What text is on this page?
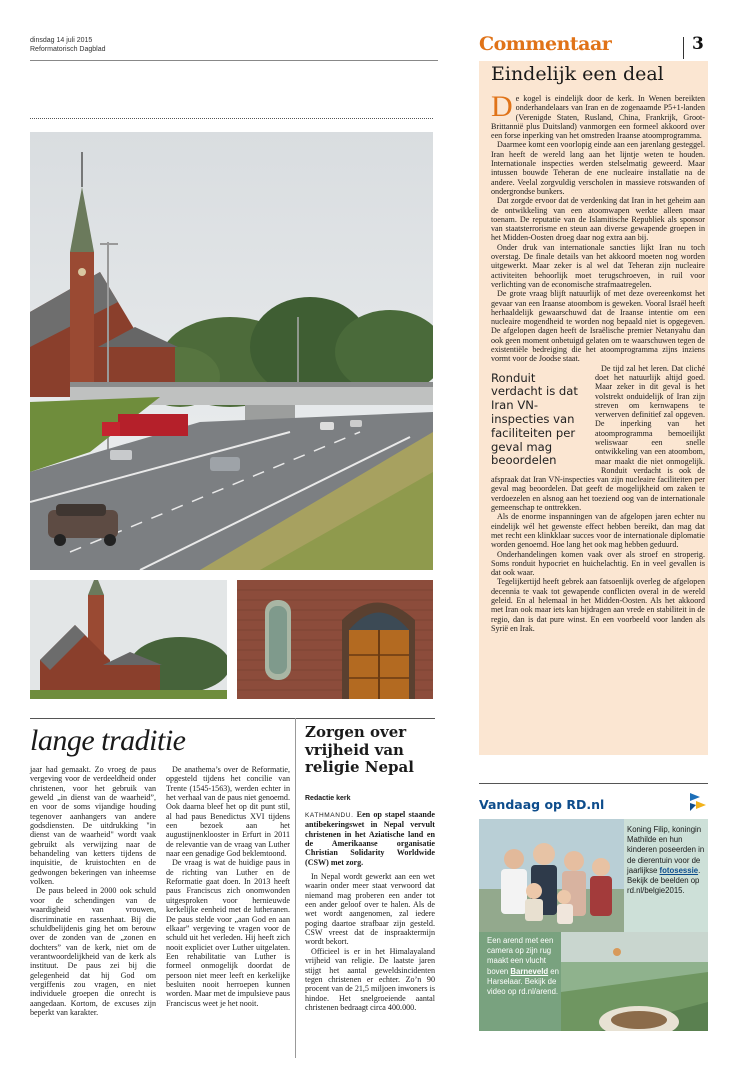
dinsdag 14 juli 2015
Reformatorisch Dagblad	Commentaar	3
Eindelijk een deal

De kogel is eindelijk door de kerk. In Wenen bereikten onderhandelaars van Iran en de zogenaamde P5+1-landen (Verenigde Staten, Rusland, China, Frankrijk, Groot-Brittannië plus Duitsland) vanmorgen een formeel akkoord over een forse inperking van het omstreden Iraanse atoomprogramma.

Daarmee komt een voorlopig einde aan een jarenlang gesteggel. Iran heeft de wereld lang aan het lijntje weten te houden. Internationale inspecties werden stelselmatig geweerd. Maar intussen bouwde Teheran de ene nucleaire installatie na de andere. Veelal zorgvuldig verscholen in massieve rotswanden of ondergrondse bunkers.

Dat zorgde ervoor dat de verdenking dat Iran in het geheim aan de ontwikkeling van een atoomwapen werkte alleen maar toenam. De reputatie van de Islamitische Republiek als sponsor van staatsterrorisme en steun aan diverse gewapende groepen in het Midden-Oosten droeg daar nog extra aan bij.

Onder druk van internationale sancties lijkt Iran nu toch overstag. De finale details van het akkoord moeten nog worden uitgewerkt. Maar zeker is al wel dat Teheran zijn nucleaire activiteiten behoorlijk moet terugschroeven, in ruil voor verlichting van de economische strafmaatregelen.

De grote vraag blijft natuurlijk of met deze overeenkomst het gevaar van een Iraanse atoombom is geweken. Vooral Israël heeft herhaaldelijk gewaarschuwd dat de Iraanse intentie om een nucleaire mogendheid te worden nog bepaald niet is opgegeven. De afgelopen dagen heeft de Israëlische premier Netanyahu dan ook geen moment onbetuigd gelaten om te waarschuwen tegen de existentiële bedreiging die het atoomprogramma zijns inziens vormt voor de Joodse staat.

Ronduit verdacht is dat Iran VN-inspecties van faciliteiten per geval mag beoordelen
De tijd zal het leren. Dat cliché doet het natuurlijk altijd goed. Maar zeker in dit geval is het volstrekt onduidelijk of Iran zijn streven om kernwapens te verwerven definitief zal opgeven. De inperking van het atoomprogramma bemoeilijkt weliswaar een snelle ontwikkeling van een atoombom, maar maakt die niet onmogelijk. Ronduit verdacht is ook de afspraak dat Iran VN-inspecties van zijn nucleaire faciliteiten per geval mag beoordelen. Dat geeft de mogelijkheid om zaken te verdoezelen en alsnog aan het toeziend oog van de internationale gemeenschap te onttrekken.

Als de enorme inspanningen van de afgelopen jaren echter nu eindelijk wél het gewenste effect hebben bereikt, dan mag dat met recht een klinkklaar succes voor de internationale diplomatie worden genoemd. Hoe lang het ook mag hebben geduurd.

Onderhandelingen komen vaak over als stroef en stroperig. Soms ronduit hypocriet en huichelachtig. En in veel gevallen is dat ook waar.

Tegelijkertijd heeft gebrek aan fatsoenlijk overleg de afgelopen decennia te vaak tot gewapende conflicten overal in de wereld geleid. En al helemaal in het Midden-Oosten. Als het akkoord met Iran ook maar iets kan bijdragen aan vrede en stabiliteit in de regio, dan is dat pure winst. En een voorbeeld voor landen als Syrië en Irak.

lange traditie

jaar had gemaakt. Zo vroeg de paus vergeving voor de verdeeldheid onder christenen, voor het gebruik van geweld „in dienst van de waarheid”, en voor de soms vijandige houding tegenover aanhangers van andere godsdiensten. De uitdrukking "in dienst van de waarheid" wordt vaak gebruikt als verwijzing naar de behandeling van ketters tijdens de inquisitie, de kruistochten en de gedwongen bekeringen van inheemse volken.

De paus beleed in 2000 ook schuld voor de schendingen van de waardigheid van vrouwen, discriminatie en rassenhaat. Bij die schuldbelijdenis ging het om berouw over de zonden van de „zonen en dochters” van de kerk, niet om de verantwoordelijkheid van de kerk als instituut. De paus zei bij die gelegenheid dat hij God om vergiffenis zou vragen, en niet individuele groepen die onrecht is aangedaan. Kortom, de excuses zijn beperkt van karakter.

De anathema’s over de Reformatie, opgesteld tijdens het concilie van Trente (1545-1563), werden echter in het verhaal van de paus niet genoemd. Ook daarna bleef het op dit punt stil, al had paus Benedictus XVI tijdens een bezoek aan het augustijnenklooster in Erfurt in 2011 de relevantie van de vraag van Luther naar een genadige God beklemtoond.

De vraag is wat de huidige paus in de richting van Luther en de Reformatie gaat doen. In 2013 heeft paus Franciscus zich onomwonden uitgesproken voor hernieuwde kerkelijke eenheid met de lutheranen. De paus stelde voor „aan God en aan elkaar” vergeving te vragen voor de schuld uit het verleden. Hij heeft zich nooit expliciet over Luther uitgelaten. Een rehabilitatie van Luther is formeel onmogelijk doordat de persoon niet meer leeft en kerkelijke besluiten nooit herroepen kunnen worden. Maar met de impulsieve paus Franciscus weet je het nooit.

Zorgen over vrijheid van religie Nepal
Redactie kerk

KATHMANDU. Een op stapel staande antibekeringswet in Nepal vervult christenen in het Aziatische land en de Amerikaanse organisatie Christian Solidarity Worldwide (CSW) met zorg.

In Nepal wordt gewerkt aan een wet waarin onder meer staat verwoord dat niemand mag proberen een ander tot een ander geloof over te halen. Als de wet wordt aangenomen, zal iedere poging daartoe strafbaar zijn gesteld. CSW vreest dat de inspraaktermijn wordt bekort.

Officieel is er in het Himalayaland vrijheid van religie. De laatste jaren stijgt het aantal geweldsincidenten tegen christenen er echter. Zo’n 90 procent van de 21,5 miljoen inwoners is hindoe. Het snelgroeiende aantal christenen bedraagt circa 400.000.

Vandaag op RD.nl
Koning Filip, koningin Mathilde en hun kinderen poseerden in de dierentuin voor de jaarlijkse fotosessie. Bekijk de beelden op rd.nl/belgie2015.
Een arend met een camera op zijn rug maakt een vlucht boven Barneveld en Harselaar. Bekijk de video op rd.nl/arend.
